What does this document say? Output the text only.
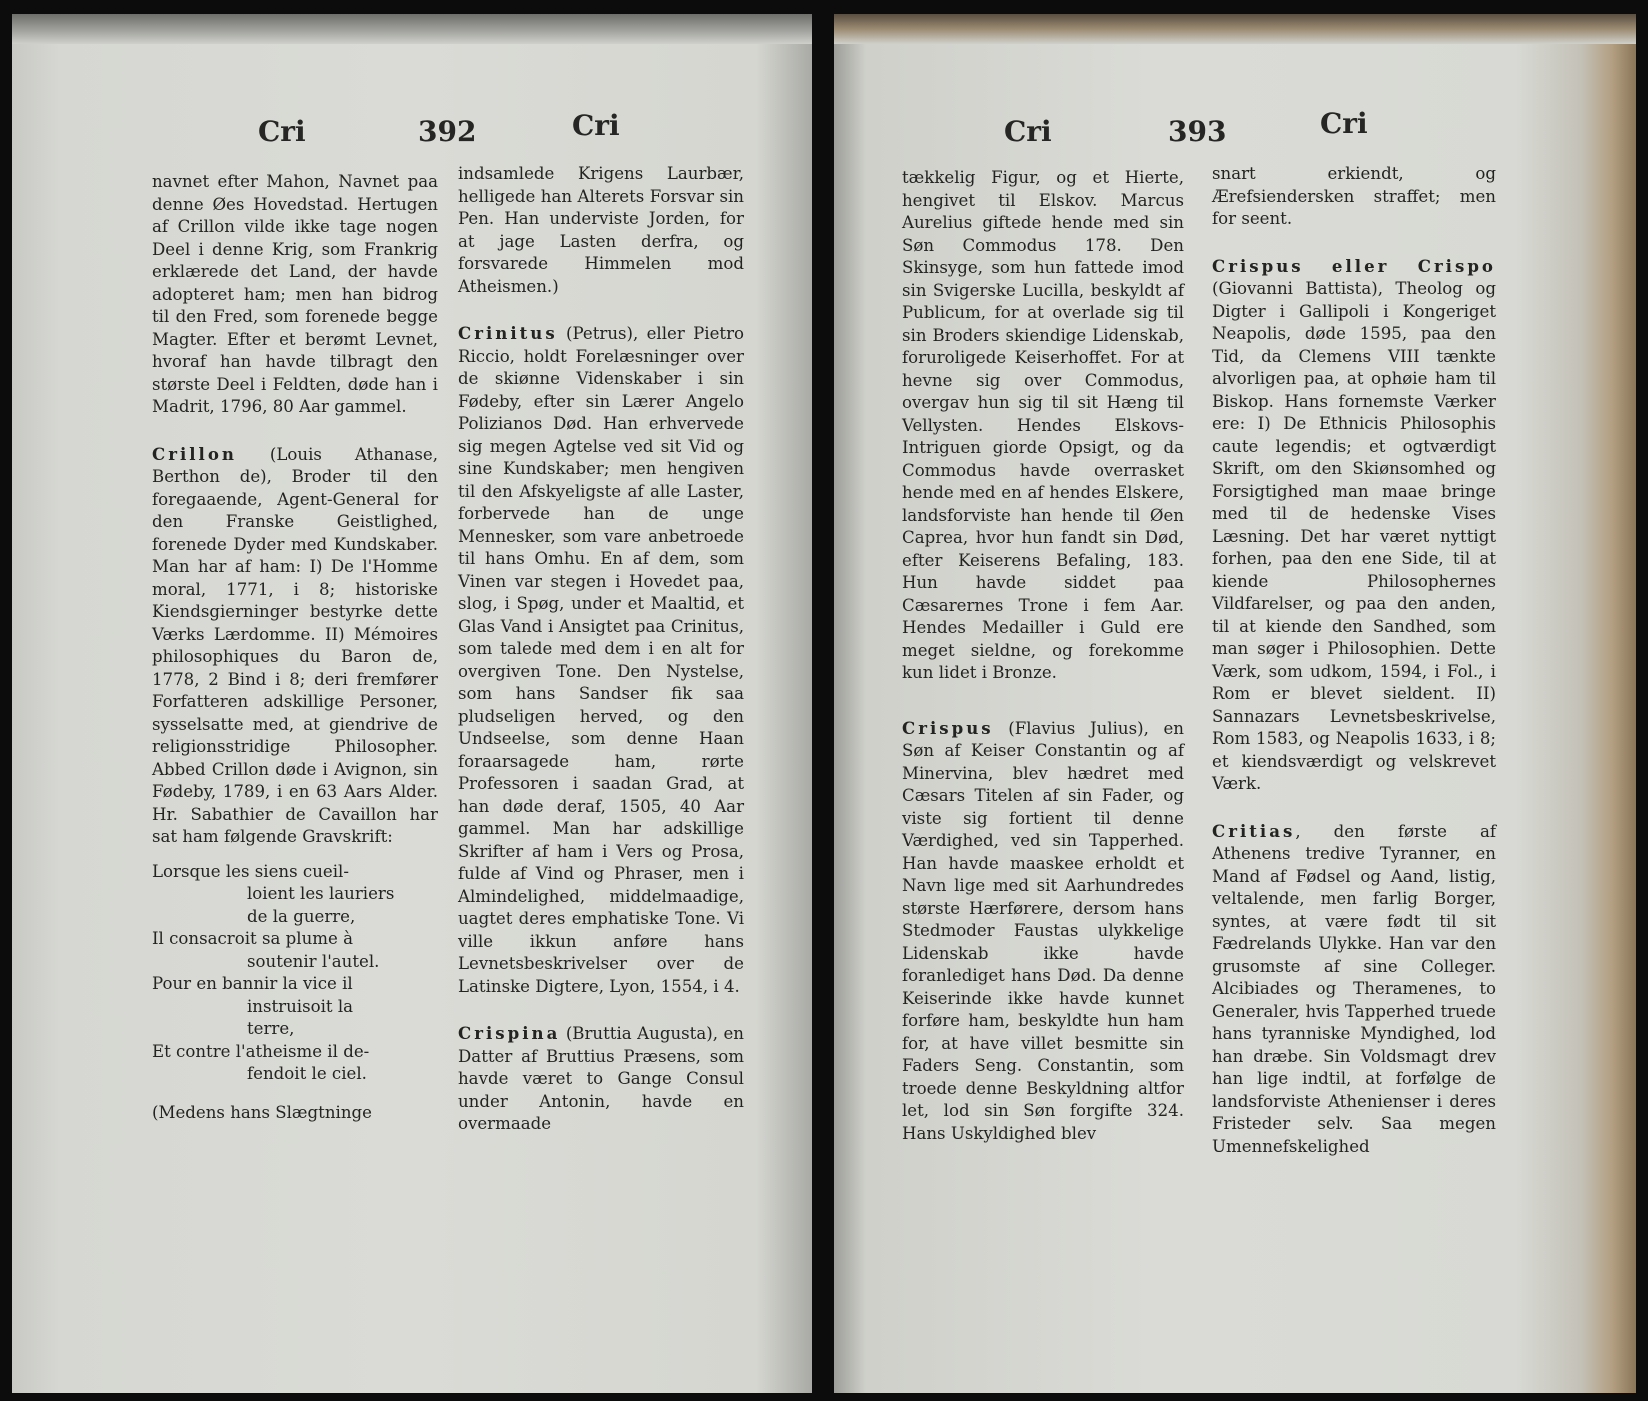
Cri	392	Cri

navnet efter Mahon, Navnet paa denne Øes Hovedstad. Hertugen af Crillon vilde ikke tage nogen Deel i denne Krig, som Frankrig erklærede det Land, der havde adopteret ham; men han bidrog til den Fred, som forenede begge Magter. Efter et berømt Levnet, hvoraf han havde tilbragt den største Deel i Feldten, døde han i Madrit, 1796, 80 Aar gammel.

Crillon (Louis Athanase, Berthon de), Broder til den foregaaende, Agent-General for den Franske Geistlighed, forenede Dyder med Kundskaber. Man har af ham: I) De l'Homme moral, 1771, i 8; historiske Kiendsgierninger bestyrke dette Værks Lærdomme. II) Mémoires philosophiques du Baron de, 1778, 2 Bind i 8; deri fremfører Forfatteren adskillige Personer, sysselsatte med, at giendrive de religionsstridige Philosopher. Abbed Crillon døde i Avignon, sin Fødeby, 1789, i en 63 Aars Alder. Hr. Sabathier de Cavaillon har sat ham følgende Gravskrift:

Lorsque les siens cueil-
loient les lauriers
de la guerre,
Il consacroit sa plume à
soutenir l'autel.
Pour en bannir la vice il
instruisoit la
terre,
Et contre l'atheisme il de-
fendoit le ciel.

(Medens hans Slægtninge

indsamlede Krigens Laurbær, helligede han Alterets Forsvar sin Pen. Han underviste Jorden, for at jage Lasten derfra, og forsvarede Himmelen mod Atheismen.)

Crinitus (Petrus), eller Pietro Riccio, holdt Forelæsninger over de skiønne Videnskaber i sin Fødeby, efter sin Lærer Angelo Polizianos Død. Han erhvervede sig megen Agtelse ved sit Vid og sine Kundskaber; men hengiven til den Afskyeligste af alle Laster, forbervede han de unge Mennesker, som vare anbetroede til hans Omhu. En af dem, som Vinen var stegen i Hovedet paa, slog, i Spøg, under et Maaltid, et Glas Vand i Ansigtet paa Crinitus, som talede med dem i en alt for overgiven Tone. Den Nystelse, som hans Sandser fik saa pludseligen herved, og den Undseelse, som denne Haan foraarsagede ham, rørte Professoren i saadan Grad, at han døde deraf, 1505, 40 Aar gammel. Man har adskillige Skrifter af ham i Vers og Prosa, fulde af Vind og Phraser, men i Almindelighed, middelmaadige, uagtet deres emphatiske Tone. Vi ville ikkun anføre hans Levnetsbeskrivelser over de Latinske Digtere, Lyon, 1554, i 4.

Crispina (Bruttia Augusta), en Datter af Bruttius Præsens, som havde været to Gange Consul under Antonin, havde en overmaade

Cri	393	Cri

tækkelig Figur, og et Hierte, hengivet til Elskov. Marcus Aurelius giftede hende med sin Søn Commodus 178. Den Skinsyge, som hun fattede imod sin Svigerske Lucilla, beskyldt af Publicum, for at overlade sig til sin Broders skiendige Lidenskab, foruroligede Keiserhoffet. For at hevne sig over Commodus, overgav hun sig til sit Hæng til Vellysten. Hendes Elskovs-Intriguen giorde Opsigt, og da Commodus havde overrasket hende med en af hendes Elskere, landsforviste han hende til Øen Caprea, hvor hun fandt sin Død, efter Keiserens Befaling, 183. Hun havde siddet paa Cæsarernes Trone i fem Aar. Hendes Medailler i Guld ere meget sieldne, og forekomme kun lidet i Bronze.

Crispus (Flavius Julius), en Søn af Keiser Constantin og af Minervina, blev hædret med Cæsars Titelen af sin Fader, og viste sig fortient til denne Værdighed, ved sin Tapperhed. Han havde maaskee erholdt et Navn lige med sit Aarhundredes største Hærførere, dersom hans Stedmoder Faustas ulykkelige Lidenskab ikke havde foranlediget hans Død. Da denne Keiserinde ikke havde kunnet forføre ham, beskyldte hun ham for, at have villet besmitte sin Faders Seng. Constantin, som troede denne Beskyldning altfor let, lod sin Søn forgifte 324. Hans Uskyldighed blev

snart erkiendt, og Ærefsiendersken straffet; men for seent.

Crispus eller Crispo (Giovanni Battista), Theolog og Digter i Gallipoli i Kongeriget Neapolis, døde 1595, paa den Tid, da Clemens VIII tænkte alvorligen paa, at ophøie ham til Biskop. Hans fornemste Værker ere: I) De Ethnicis Philosophis caute legendis; et ogtværdigt Skrift, om den Skiønsomhed og Forsigtighed man maae bringe med til de hedenske Vises Læsning. Det har været nyttigt forhen, paa den ene Side, til at kiende Philosophernes Vildfarelser, og paa den anden, til at kiende den Sandhed, som man søger i Philosophien. Dette Værk, som udkom, 1594, i Fol., i Rom er blevet sieldent. II) Sannazars Levnetsbeskrivelse, Rom 1583, og Neapolis 1633, i 8; et kiendsværdigt og velskrevet Værk.

Critias, den første af Athenens tredive Tyranner, en Mand af Fødsel og Aand, listig, veltalende, men farlig Borger, syntes, at være født til sit Fædrelands Ulykke. Han var den grusomste af sine Colleger. Alcibiades og Theramenes, to Generaler, hvis Tapperhed truede hans tyranniske Myndighed, lod han dræbe. Sin Voldsmagt drev han lige indtil, at forfølge de landsforviste Athenienser i deres Fristeder selv. Saa megen Umennefskelighed
